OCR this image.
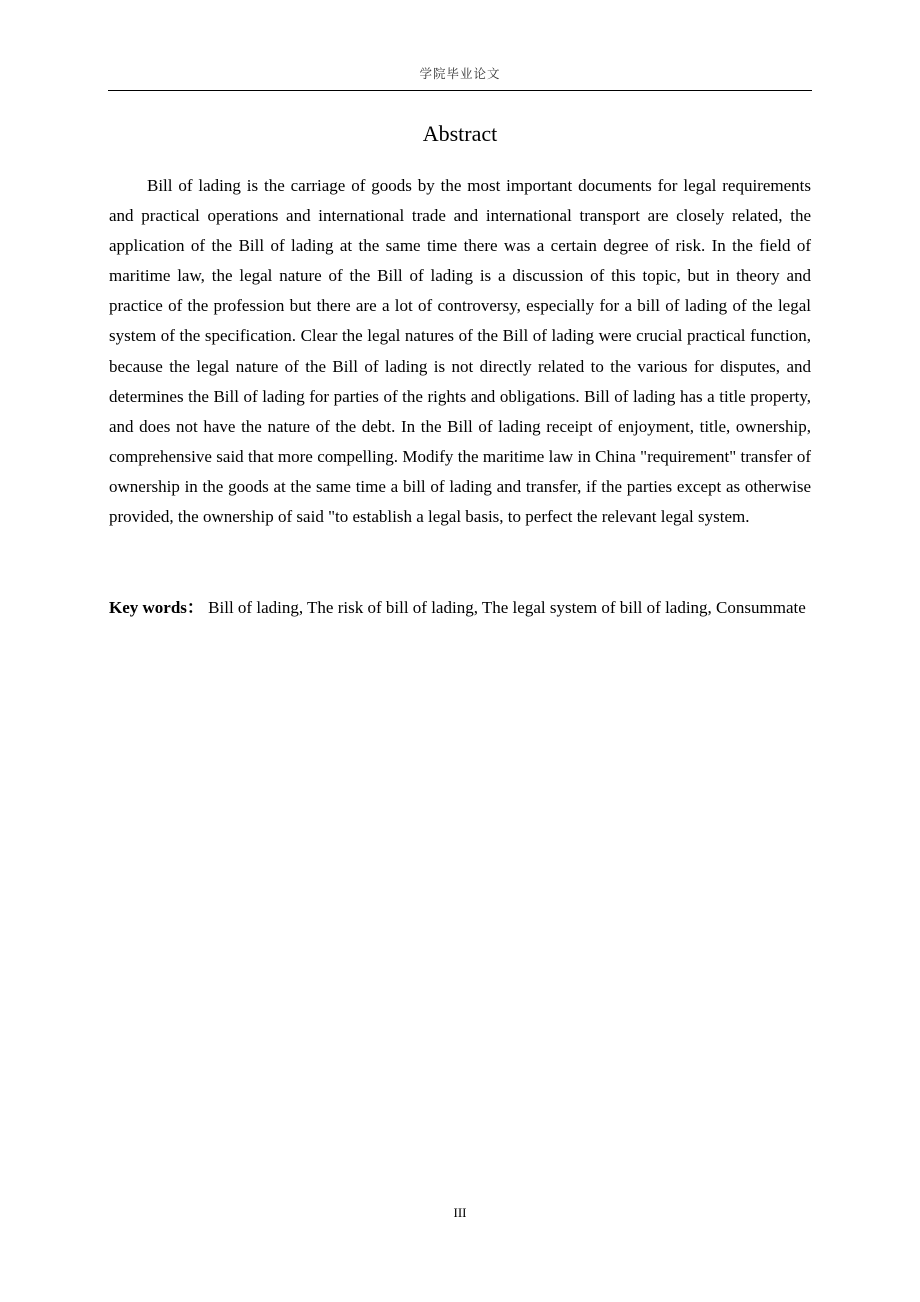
学院毕业论文
Abstract

Bill of lading is the carriage of goods by the most important documents for legal requirements and practical operations and international trade and international transport are closely related, the application of the Bill of lading at the same time there was a certain degree of risk. In the field of maritime law, the legal nature of the Bill of lading is a discussion of this topic, but in theory and practice of the profession but there are a lot of controversy, especially for a bill of lading of the legal system of the specification. Clear the legal natures of the Bill of lading were crucial practical function, because the legal nature of the Bill of lading is not directly related to the various for disputes, and determines the Bill of lading for parties of the rights and obligations. Bill of lading has a title property, and does not have the nature of the debt. In the Bill of lading receipt of enjoyment, title, ownership, comprehensive said that more compelling. Modify the maritime law in China "requirement" transfer of ownership in the goods at the same time a bill of lading and transfer, if the parties except as otherwise provided, the ownership of said "to establish a legal basis, to perfect the relevant legal system.

Key words： Bill of lading, The risk of bill of lading, The legal system of bill of lading, Consummate

III
